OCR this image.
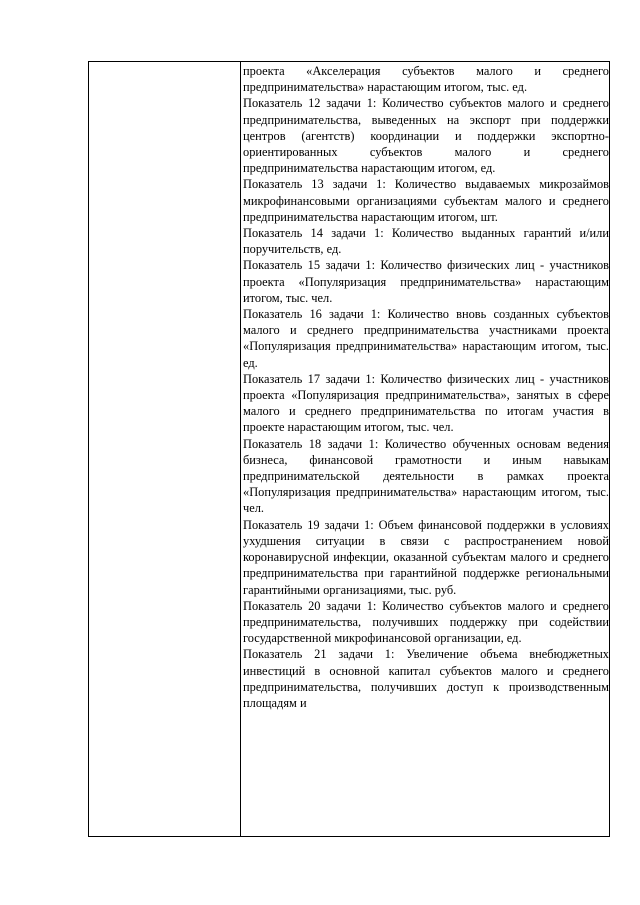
проекта «Акселерация субъектов малого и среднего предпринимательства» нарастающим итогом, тыс. ед.

Показатель 12 задачи 1: Количество субъектов малого и среднего предпринимательства, выведенных на экспорт при поддержки центров (агентств) координации и поддержки экспортно-ориентированных субъектов малого и среднего предпринимательства нарастающим итогом, ед.

Показатель 13 задачи 1: Количество выдаваемых микрозаймов микрофинансовыми организациями субъектам малого и среднего предпринимательства нарастающим итогом, шт.

Показатель 14 задачи 1: Количество выданных гарантий и/или поручительств, ед.

Показатель 15 задачи 1: Количество физических лиц - участников проекта «Популяризация предпринимательства» нарастающим итогом, тыс. чел.

Показатель 16 задачи 1: Количество вновь созданных субъектов малого и среднего предпринимательства участниками проекта «Популяризация предпринимательства» нарастающим итогом, тыс. ед.

Показатель 17 задачи 1: Количество физических лиц - участников проекта «Популяризация предпринимательства», занятых в сфере малого и среднего предпринимательства по итогам участия в проекте нарастающим итогом, тыс. чел.

Показатель 18 задачи 1: Количество обученных основам ведения бизнеса, финансовой грамотности и иным навыкам предпринимательской деятельности в рамках проекта «Популяризация предпринимательства» нарастающим итогом, тыс. чел.

Показатель 19 задачи 1: Объем финансовой поддержки в условиях ухудшения ситуации в связи с распространением новой коронавирусной инфекции, оказанной субъектам малого и среднего предпринимательства при гарантийной поддержке региональными гарантийными организациями, тыс. руб.

Показатель 20 задачи 1: Количество субъектов малого и среднего предпринимательства, получивших поддержку при содействии государственной микрофинансовой организации, ед.

Показатель 21 задачи 1: Увеличение объема внебюджетных инвестиций в основной капитал субъектов малого и среднего предпринимательства, получивших доступ к производственным площадям и
